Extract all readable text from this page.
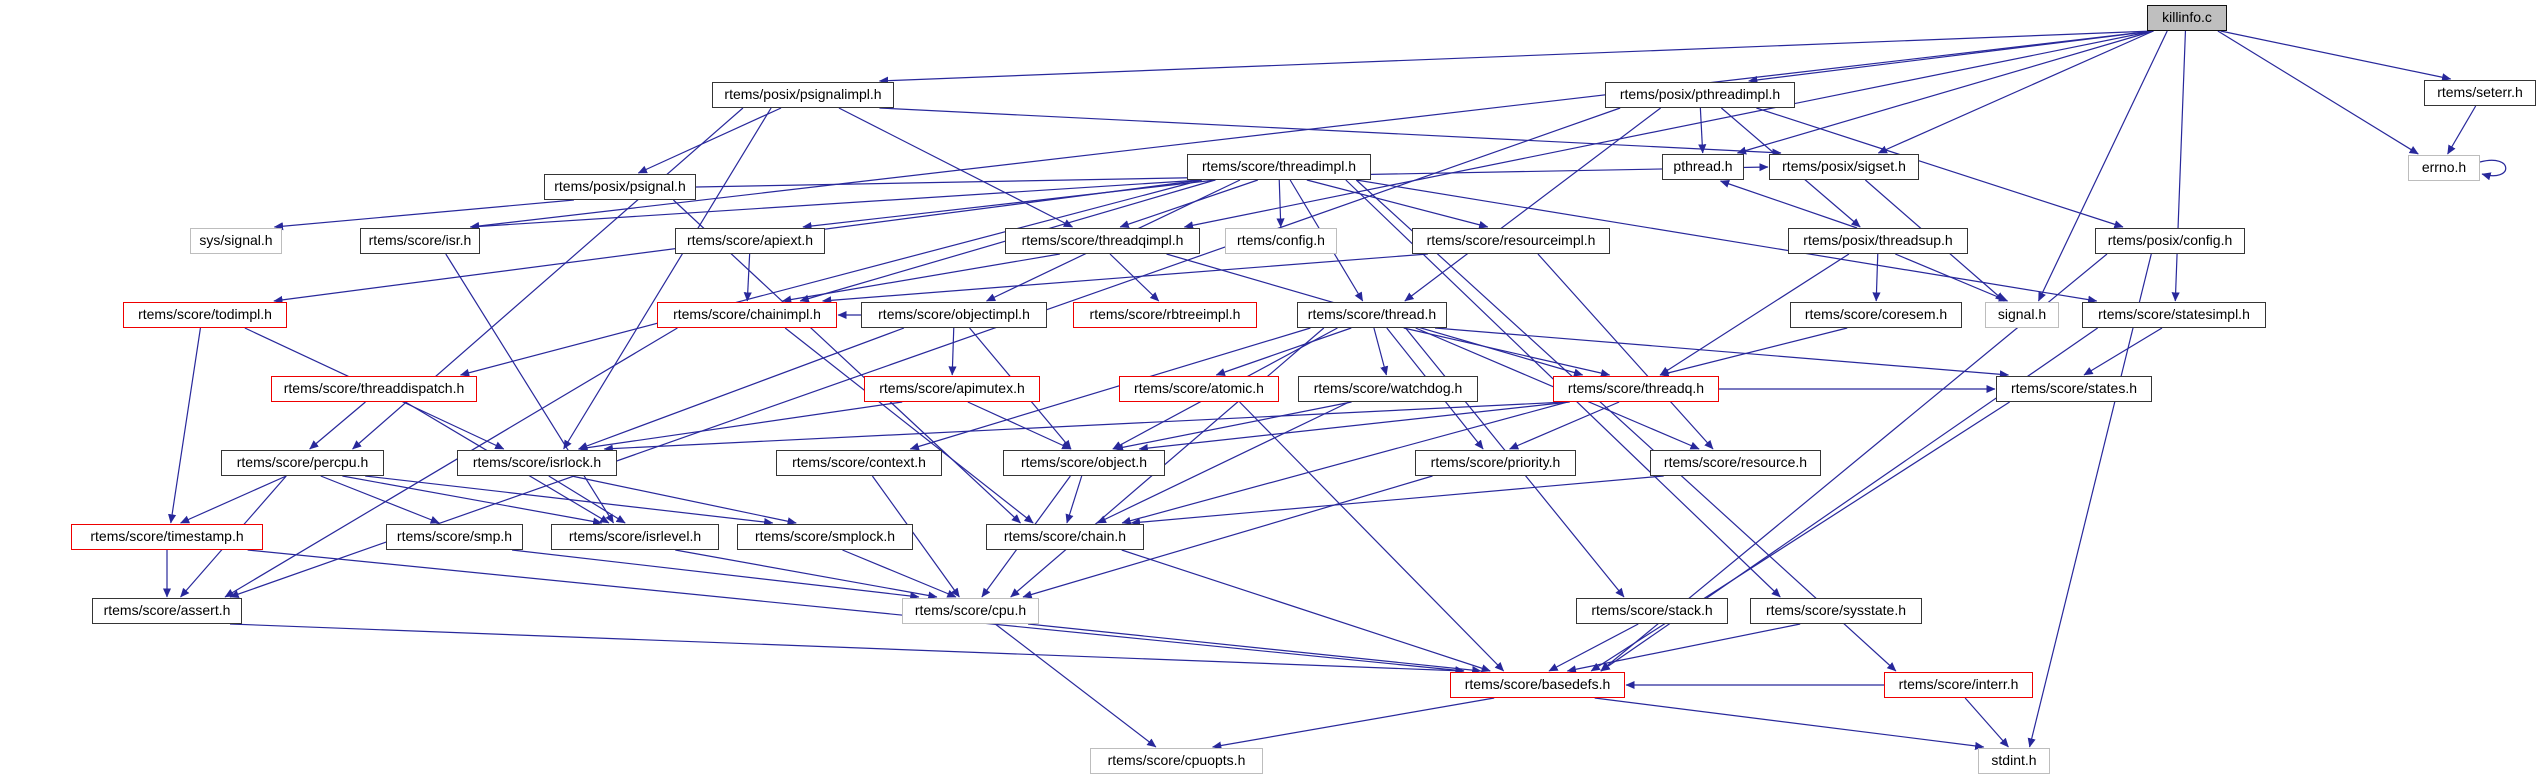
killinfo.c
rtems/posix/psignalimpl.h	rtems/posix/pthreadimpl.h	rtems/seterr.h
rtems/posix/psignal.h
rtems/score/threadimpl.h	pthread.h	rtems/posix/sigset.h	errno.h
sys/signal.h	rtems/score/isr.h	rtems/score/apiext.h	rtems/score/threadqimpl.h	rtems/config.h	rtems/score/resourceimpl.h	rtems/posix/threadsup.h	rtems/posix/config.h
rtems/score/todimpl.h	rtems/score/chainimpl.h	rtems/score/objectimpl.h	rtems/score/rbtreeimpl.h	rtems/score/thread.h	rtems/score/coresem.h	signal.h	rtems/score/statesimpl.h
rtems/score/threaddispatch.h	rtems/score/apimutex.h	rtems/score/atomic.h	rtems/score/watchdog.h	rtems/score/threadq.h	rtems/score/states.h
rtems/score/percpu.h	rtems/score/isrlock.h	rtems/score/context.h	rtems/score/object.h	rtems/score/priority.h	rtems/score/resource.h
rtems/score/timestamp.h	rtems/score/smp.h	rtems/score/isrlevel.h	rtems/score/smplock.h	rtems/score/chain.h
rtems/score/assert.h	rtems/score/cpu.h	rtems/score/stack.h	rtems/score/sysstate.h
rtems/score/basedefs.h	rtems/score/interr.h
rtems/score/cpuopts.h	stdint.h
